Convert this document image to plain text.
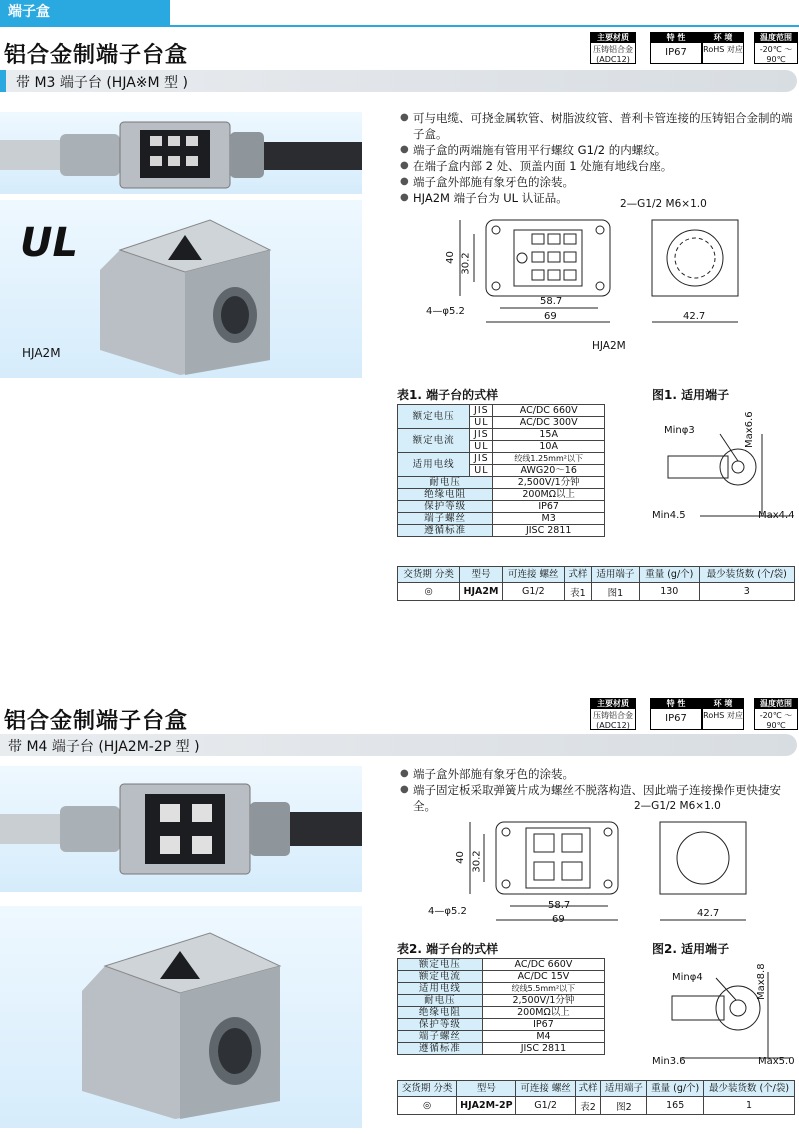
端子盒
铝合金制端子台盒
主要材质
压铸铝合金 (ADC12)
特 性
IP67
环 境
RoHS 对应
温度范围
-20℃ ～90℃
带 M3 端子台 (HJA※M 型 )
UL
HJA2M
● 可与电缆、可挠金属软管、树脂波纹管、普利卡管连接的压铸铝合金制的端子盒。
● 端子盒的两端施有管用平行螺纹 G1/2 的内螺纹。
● 在端子盒内部 2 处、顶盖内面 1 处施有地线台座。
● 端子盒外部施有象牙色的涂装。
● HJA2M 端子台为 UL 认证品。	2—G1/2 M6×1.0
40 30.2
4—φ5.2
58.7
69	42.7
HJA2M
表1. 端子台的式样
额定电压	JIS	AC/DC 660V
	UL	AC/DC 300V
额定电流	JIS	15A
	UL	10A
适用电线	JIS	绞线1.25mm²以下
	UL	AWG20～16
耐电压		2,500V/1分钟
绝缘电阻		200MΩ以上
保护等级		IP67
端子螺丝		M3
遵循标准		JISC 2811
图1. 适用端子
Minφ3	Max6.6
Min4.5	Max4.4
交货期 分类	型号	可连接 螺丝	式样	适用端子	重量 (g/个)	最少装货数 (个/袋)
◎	HJA2M	G1/2	表1	图1	130	3
铝合金制端子台盒
主要材质
压铸铝合金 (ADC12)
特 性
IP67
环 境
RoHS 对应
温度范围
-20℃ ～90℃
带 M4 端子台 (HJA2M-2P 型 )
● 端子盒外部施有象牙色的涂装。
● 端子固定板采取弹簧片成为螺丝不脱落构造、因此端子连接操作更快捷安全。	2—G1/2 M6×1.0
40 30.2
4—φ5.2
58.7
69
42.7
表2. 端子台的式样
额定电压	AC/DC 660V
额定电流	AC/DC 15V
适用电线	绞线5.5mm²以下
耐电压	2,500V/1分钟
绝缘电阻	200MΩ以上
保护等级	IP67
端子螺丝	M4
遵循标准	JISC 2811
图2. 适用端子
Minφ4	Max8.8
Min3.6	Max5.0
交货期 分类	型号	可连接 螺丝	式样	适用端子	重量 (g/个)	最少装货数 (个/袋)
◎	HJA2M-2P	G1/2	表2	图2	165	1
